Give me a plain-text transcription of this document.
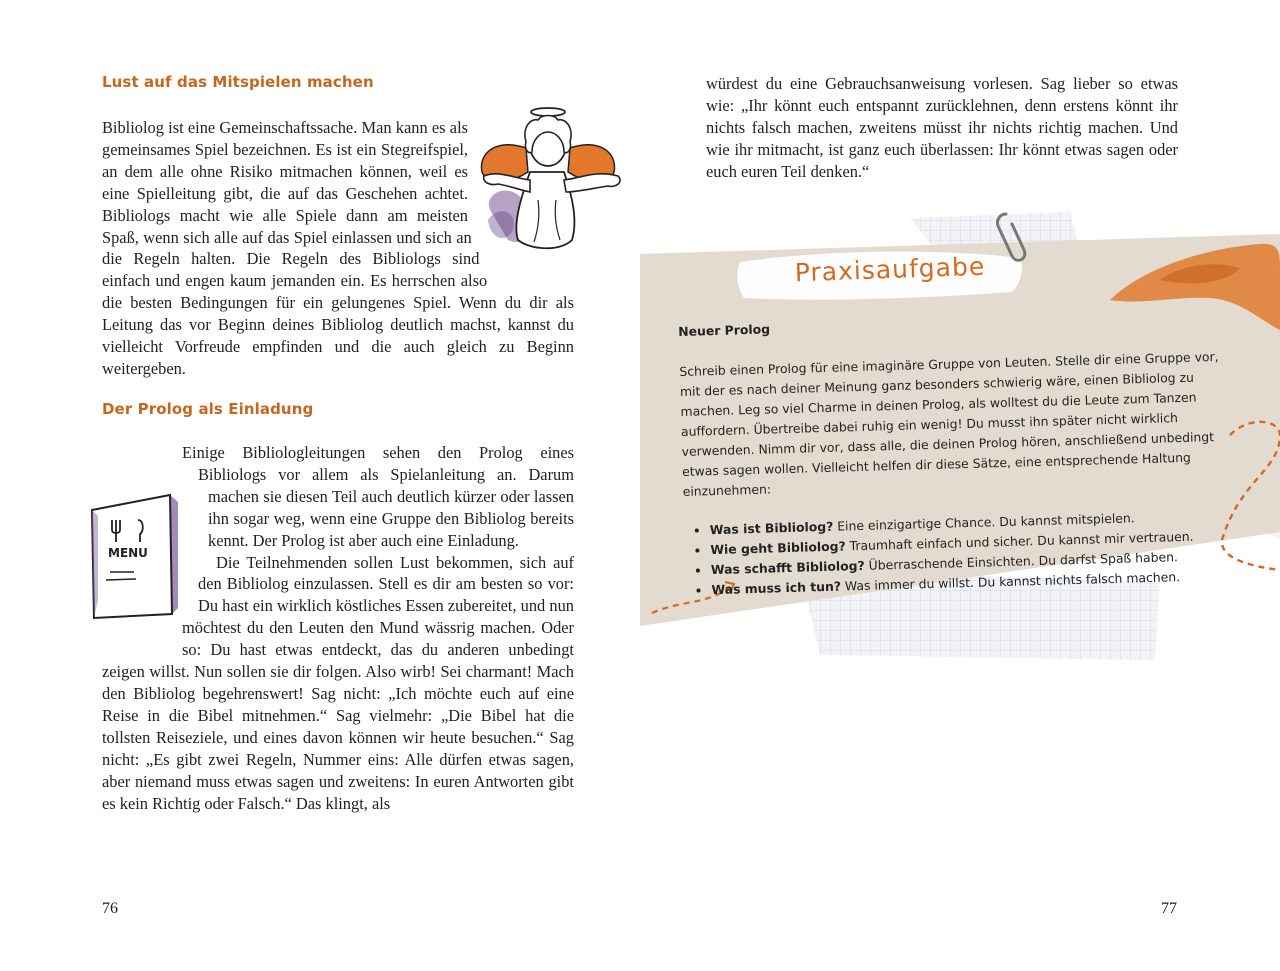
Lust auf das Mitspielen machen

Bibliolog ist eine Gemeinschaftssache. Man kann es als gemeinsames Spiel bezeichnen. Es ist ein Stegreifspiel, an dem alle ohne Risiko mitmachen können, weil es eine Spielleitung gibt, die auf das Geschehen achtet. Bibliologs macht wie alle Spiele dann am meisten Spaß, wenn sich alle auf das Spiel einlassen und sich an die Regeln halten. Die Regeln des Bibliologs sind einfach und engen kaum jemanden ein. Es herrschen also die besten Bedingungen für ein gelungenes Spiel. Wenn du dir als Leitung das vor Beginn deines Bibliolog deutlich machst, kannst du vielleicht Vorfreude empfinden und die auch gleich zu Beginn weitergeben.

Der Prolog als Einladung

Einige Bibliologleitungen sehen den Prolog eines Bibliologs vor allem als Spielanleitung an. Darum machen sie diesen Teil auch deutlich kürzer oder lassen ihn sogar weg, wenn eine Gruppe den Bibliolog bereits kennt. Der Prolog ist aber auch eine Einladung.

Die Teilnehmenden sollen Lust bekommen, sich auf den Bibliolog einzulassen. Stell es dir am besten so vor: Du hast ein wirklich köstliches Essen zubereitet, und nun möchtest du den Leuten den Mund wässrig machen. Oder so: Du hast etwas entdeckt, das du anderen unbedingt zeigen willst. Nun sollen sie dir folgen. Also wirb! Sei charmant! Mach den Bibliolog begehrenswert! Sag nicht: „Ich möchte euch auf eine Reise in die Bibel mitnehmen.“ Sag vielmehr: „Die Bibel hat die tollsten Reiseziele, und eines davon können wir heute besuchen.“ Sag nicht: „Es gibt zwei Regeln, Nummer eins: Alle dürfen etwas sagen, aber niemand muss etwas sagen und zweitens: In euren Antworten gibt es kein Richtig oder Falsch.“ Das klingt, als

MENU
76

würdest du eine Gebrauchsanweisung vorlesen. Sag lieber so etwas wie: „Ihr könnt euch entspannt zurücklehnen, denn erstens könnt ihr nichts falsch machen, zweitens müsst ihr nichts richtig machen. Und wie ihr mitmacht, ist ganz euch überlassen: Ihr könnt etwas sagen oder euch euren Teil denken.“

77
Praxisaufgabe

Neuer Prolog

Schreib einen Prolog für eine imaginäre Gruppe von Leuten. Stelle dir eine Gruppe vor, mit der es nach deiner Meinung ganz besonders schwierig wäre, einen Bibliolog zu machen. Leg so viel Charme in deinen Prolog, als wolltest du die Leute zum Tanzen auffordern. Übertreibe dabei ruhig ein wenig! Du musst ihn später nicht wirklich verwenden. Nimm dir vor, dass alle, die deinen Prolog hören, anschließend unbedingt etwas sagen wollen. Vielleicht helfen dir diese Sätze, eine entsprechende Haltung einzunehmen:

• Was ist Bibliolog? Eine einzigartige Chance. Du kannst mitspielen.
• Wie geht Bibliolog? Traumhaft einfach und sicher. Du kannst mir vertrauen.
• Was schafft Bibliolog? Überraschende Einsichten. Du darfst Spaß haben.
• Was muss ich tun? Was immer du willst. Du kannst nichts falsch machen.
